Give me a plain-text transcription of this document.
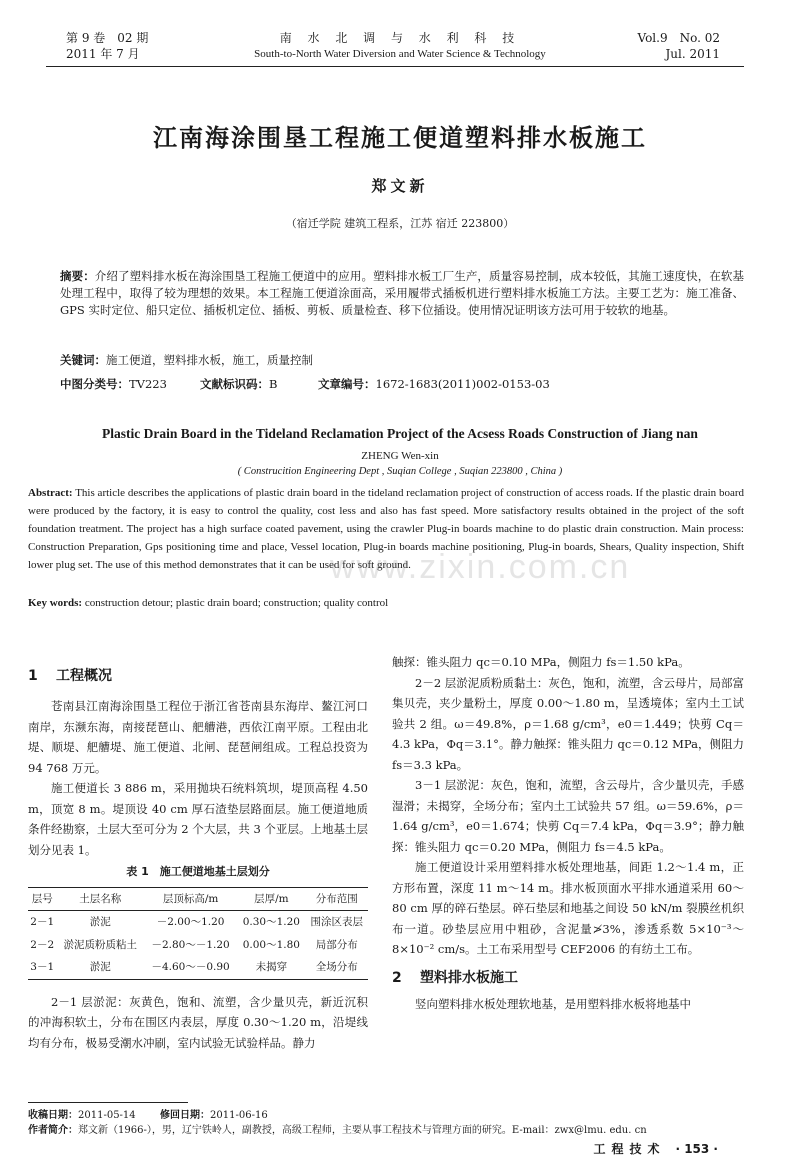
第 9 卷　02 期
2011 年 7 月
南 水 北 调 与 水 利 科 技
South-to-North Water Diversion and Water Science & Technology
Vol.9　No. 02
Jul. 2011
江南海涂围垦工程施工便道塑料排水板施工
郑文新
（宿迁学院 建筑工程系，江苏 宿迁 223800）
摘要：介绍了塑料排水板在海涂围垦工程施工便道中的应用。塑料排水板工厂生产，质量容易控制，成本较低，其施工速度快，在软基处理工程中，取得了较为理想的效果。本工程施工便道涂面高，采用履带式插板机进行塑料排水板施工方法。主要工艺为：施工准备、GPS 实时定位、船只定位、插板机定位、插板、剪板、质量检查、移下位插设。使用情况证明该方法可用于较软的地基。
关键词：施工便道，塑料排水板，施工，质量控制
中图分类号：TV223	文献标识码：B	文章编号：1672-1683(2011)002-0153-03
Plastic Drain Board in the Tideland Reclamation Project of the Acsess Roads Construction of Jiang nan
ZHENG Wen-xin
( Construcition Engineering Dept , Suqian College , Suqian 223800 , China )
Abstract: This article describes the applications of plastic drain board in the tideland reclamation project of construction of access roads. If the plastic drain board were produced by the factory, it is easy to control the quality, cost less and also has fast speed. More satisfactory results obtained in the project of the soft foundation treatment. The project has a high surface coated pavement, using the crawler Plug-in boards machine to do plastic drain construction. Main process: Construction Preparation, Gps positioning time and place, Vessel location, Plug-in boards machine positioning, Plug-in boards, Shears, Quality inspection, Shift lower plug set. The use of this method demonstrates that it can be used for soft ground.
Key words: construction detour; plastic drain board; construction; quality control
www.zixin.com.cn
1 工程概况

苍南县江南海涂围垦工程位于浙江省苍南县东海岸、鳌江河口南岸，东濒东海，南接琵琶山、舥艚港，西依江南平原。工程由北堤、顺堤、舥艚堤、施工便道、北闸、琵琶闸组成。工程总投资为 94 768 万元。

施工便道长 3 886 m，采用抛块石统料筑坝，堤顶高程 4.50 m，顶宽 8 m。堤顶设 40 cm 厚石渣垫层路面层。施工便道地质条件经勘察，土层大至可分为 2 个大层，共 3 个亚层。上地基土层划分见表 1。

表 1　施工便道地基土层划分
层号	土层名称	层顶标高/m	层厚/m	分布范围
2－1	淤泥	－2.00～1.20	0.30～1.20	围涂区表层
2－2	淤泥质粉质粘土	－2.80～－1.20	0.00～1.80	局部分布
3－1	淤泥	－4.60～－0.90	未揭穿	全场分布

2－1 层淤泥：灰黄色，饱和、流塑，含少量贝壳，新近沉积的冲海积软土，分布在围区内表层，厚度 0.30～1.20 m，沿堤线均有分布，极易受潮水冲刷，室内试验无试验样品。静力

触探：锥头阻力 qc＝0.10 MPa，侧阻力 fs＝1.50 kPa。

2－2 层淤泥质粉质黏土：灰色，饱和，流塑，含云母片，局部富集贝壳，夹少量粉土，厚度 0.00～1.80 m，呈透境体；室内土工试验共 2 组。ω＝49.8%，ρ＝1.68 g/cm³，e0＝1.449；快剪 Cq＝4.3 kPa，Φq＝3.1°。静力触探：锥头阻力 qc＝0.12 MPa，侧阻力 fs＝3.3 kPa。

3－1 层淤泥：灰色，饱和，流塑，含云母片，含少量贝壳，手感湿滑；未揭穿，全场分布；室内土工试验共 57 组。ω＝59.6%，ρ＝1.64 g/cm³，e0＝1.674；快剪 Cq＝7.4 kPa，Φq＝3.9°；静力触探：锥头阻力 qc＝0.20 MPa，侧阻力 fs＝4.5 kPa。

施工便道设计采用塑料排水板处理地基，间距 1.2～1.4 m，正方形布置，深度 11 m～14 m。排水板顶面水平排水通道采用 60～80 cm 厚的碎石垫层。碎石垫层和地基之间设 50 kN/m 裂膜丝机织布一道。砂垫层应用中粗砂，含泥量≯3%，渗透系数 5×10⁻³～8×10⁻² cm/s。土工布采用型号 CEF2006 的有纺土工布。

2 塑料排水板施工

竖向塑料排水板处理软地基，是用塑料排水板将地基中

收稿日期：2011-05-14 修回日期：2011-06-16
作者简介：郑文新（1966-），男，辽宁铁岭人，副教授，高级工程师，主要从事工程技术与管理方面的研究。E-mail：zwx@lmu. edu. cn
工程技术 · 153 ·
